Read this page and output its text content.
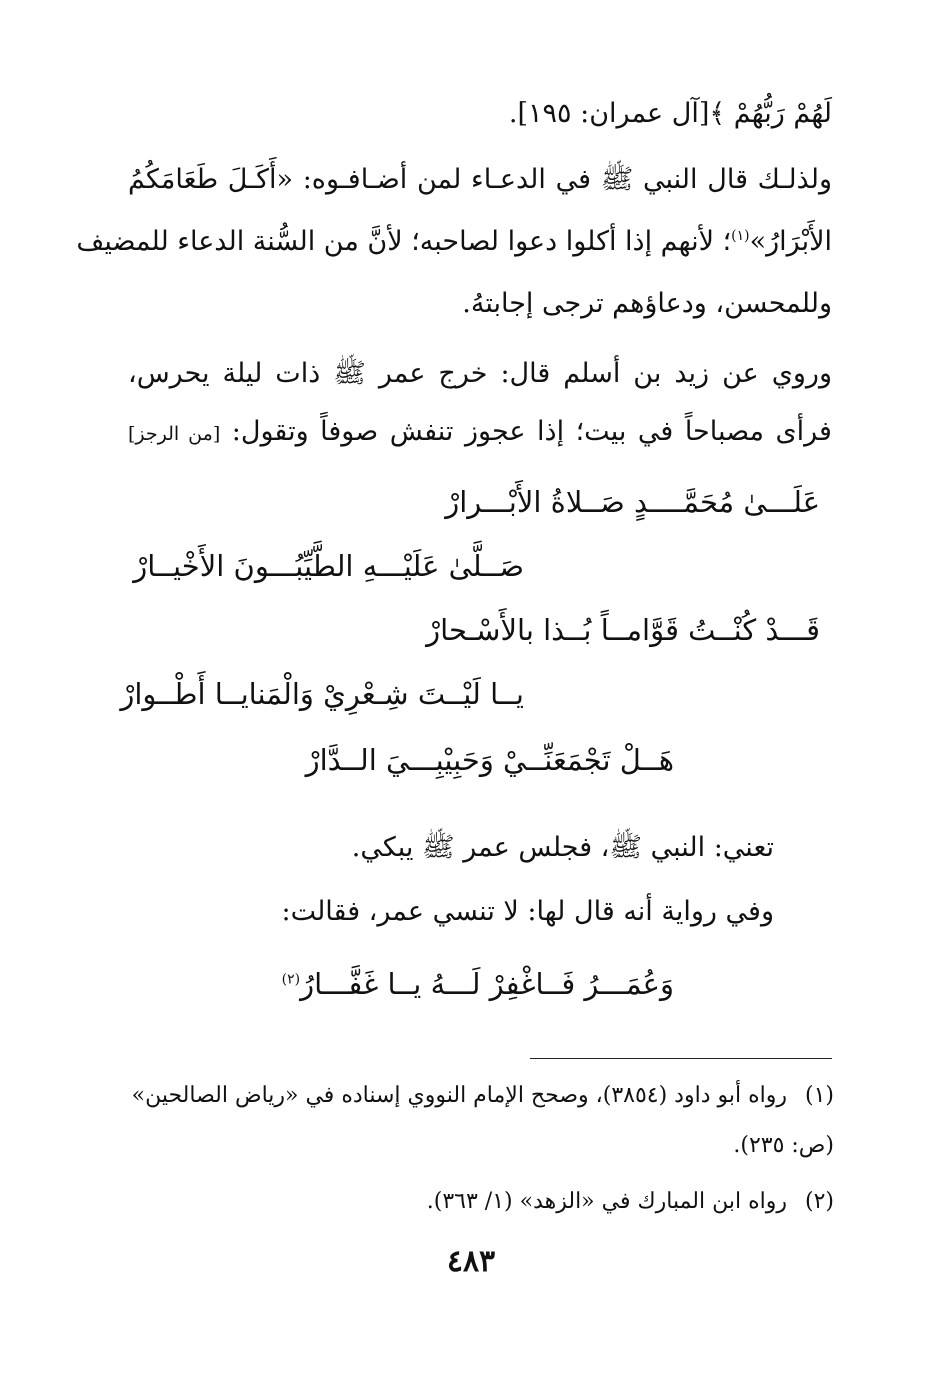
لَهُمْ رَبُّهُمْ ﴾[آل عمران: ١٩٥].
ولذلـك قال النبي ﷺ في الدعـاء لمن أضـافـوه: «أَكَـلَ طَعَامَكُمُ
الأَبْرَارُ»$^{(١)}$؛ لأنهم إذا أكلوا دعوا لصاحبه؛ لأنَّ من السُّنة الدعاء للمضيف
وللمحسن، ودعاؤهم ترجى إجابتهُ.
وروي عن زيد بن أسلم قال: خرج عمر ﷺ ذات ليلة يحرس،
فرأى مصباحاً في بيت؛ إذا عجوز تنفش صوفاً وتقول: [من الرجز]
عَلَـــىٰ مُحَمَّــــدٍ صَــلاةُ الأَبْـــرارْ
صَــلَّىٰ عَلَيْـــهِ الطَّيِّبُـــونَ الأَخْيــارْ
قَـــدْ كُنْــتُ قَوَّامــاً بُــذا بالأَسْـحارْ
يــا لَيْــتَ شِـعْرِيْ وَالْمَنايــا أَطْــوارْ
هَــلْ تَجْمَعَنِّــيْ وَحَبِيْبِـــيَ الــدَّارْ
تعني: النبي ﷺ، فجلس عمر ﷺ يبكي.
وفي رواية أنه قال لها: لا تنسي عمر، فقالت:
وَعُمَـــرُ فَــاغْفِرْ لَـــهُ يــا غَفَّـــارُ$^{(٢)}$
(١)رواه أبو داود (٣٨٥٤)، وصحح الإمام النووي إسناده في «رياض الصالحين»
(ص: ٢٣٥).
(٢)رواه ابن المبارك في «الزهد» (١/ ٣٦٣).
٤٨٣
